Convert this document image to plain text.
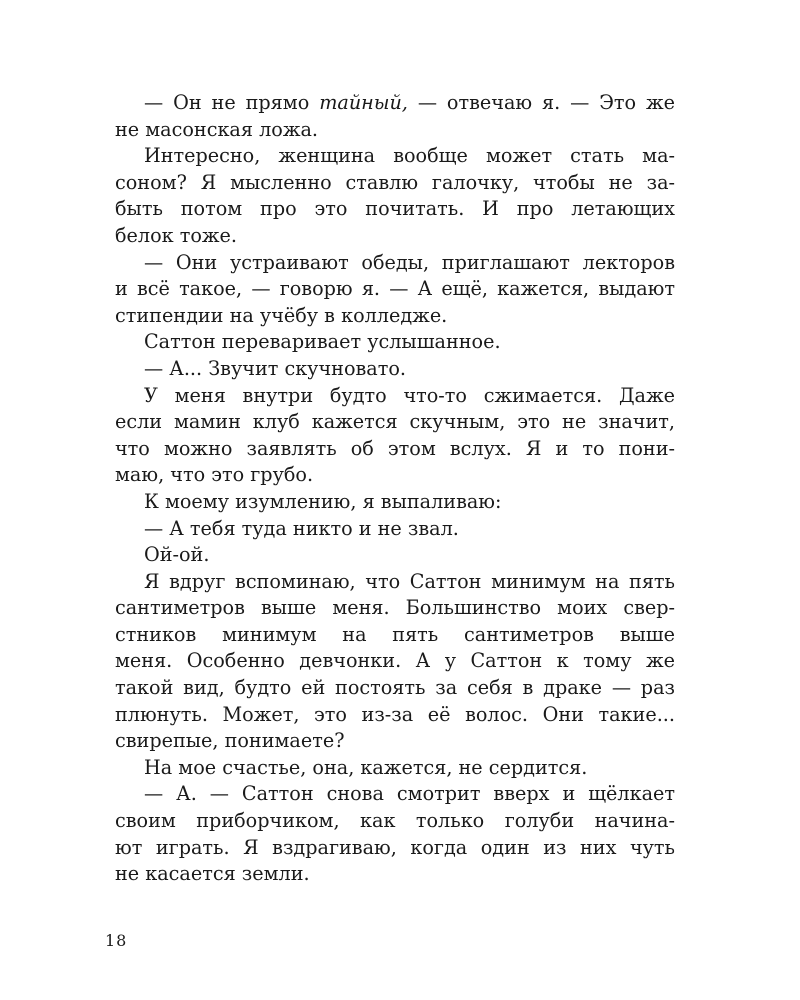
— Он не прямо тайный, — отвечаю я. — Это же
не масонская ложа.
Интересно, женщина вообще может стать ма-
соном? Я мысленно ставлю галочку, чтобы не за-
быть потом про это почитать. И про летающих
белок тоже.
— Они устраивают обеды, приглашают лекторов
и всё такое, — говорю я. — А ещё, кажется, выдают
стипендии на учёбу в колледже.
Саттон переваривает услышанное.
— А... Звучит скучновато.
У меня внутри будто что-то сжимается. Даже
если мамин клуб кажется скучным, это не значит,
что можно заявлять об этом вслух. Я и то пони-
маю, что это грубо.
К моему изумлению, я выпаливаю:
— А тебя туда никто и не звал.
Ой-ой.
Я вдруг вспоминаю, что Саттон минимум на пять
сантиметров выше меня. Большинство моих свер-
стников минимум на пять сантиметров выше
меня. Особенно девчонки. А у Саттон к тому же
такой вид, будто ей постоять за себя в драке — раз
плюнуть. Может, это из-за её волос. Они такие...
свирепые, понимаете?
На мое счастье, она, кажется, не сердится.
— А. — Саттон снова смотрит вверх и щёлкает
своим приборчиком, как только голуби начина-
ют играть. Я вздрагиваю, когда один из них чуть
не касается земли.
18
